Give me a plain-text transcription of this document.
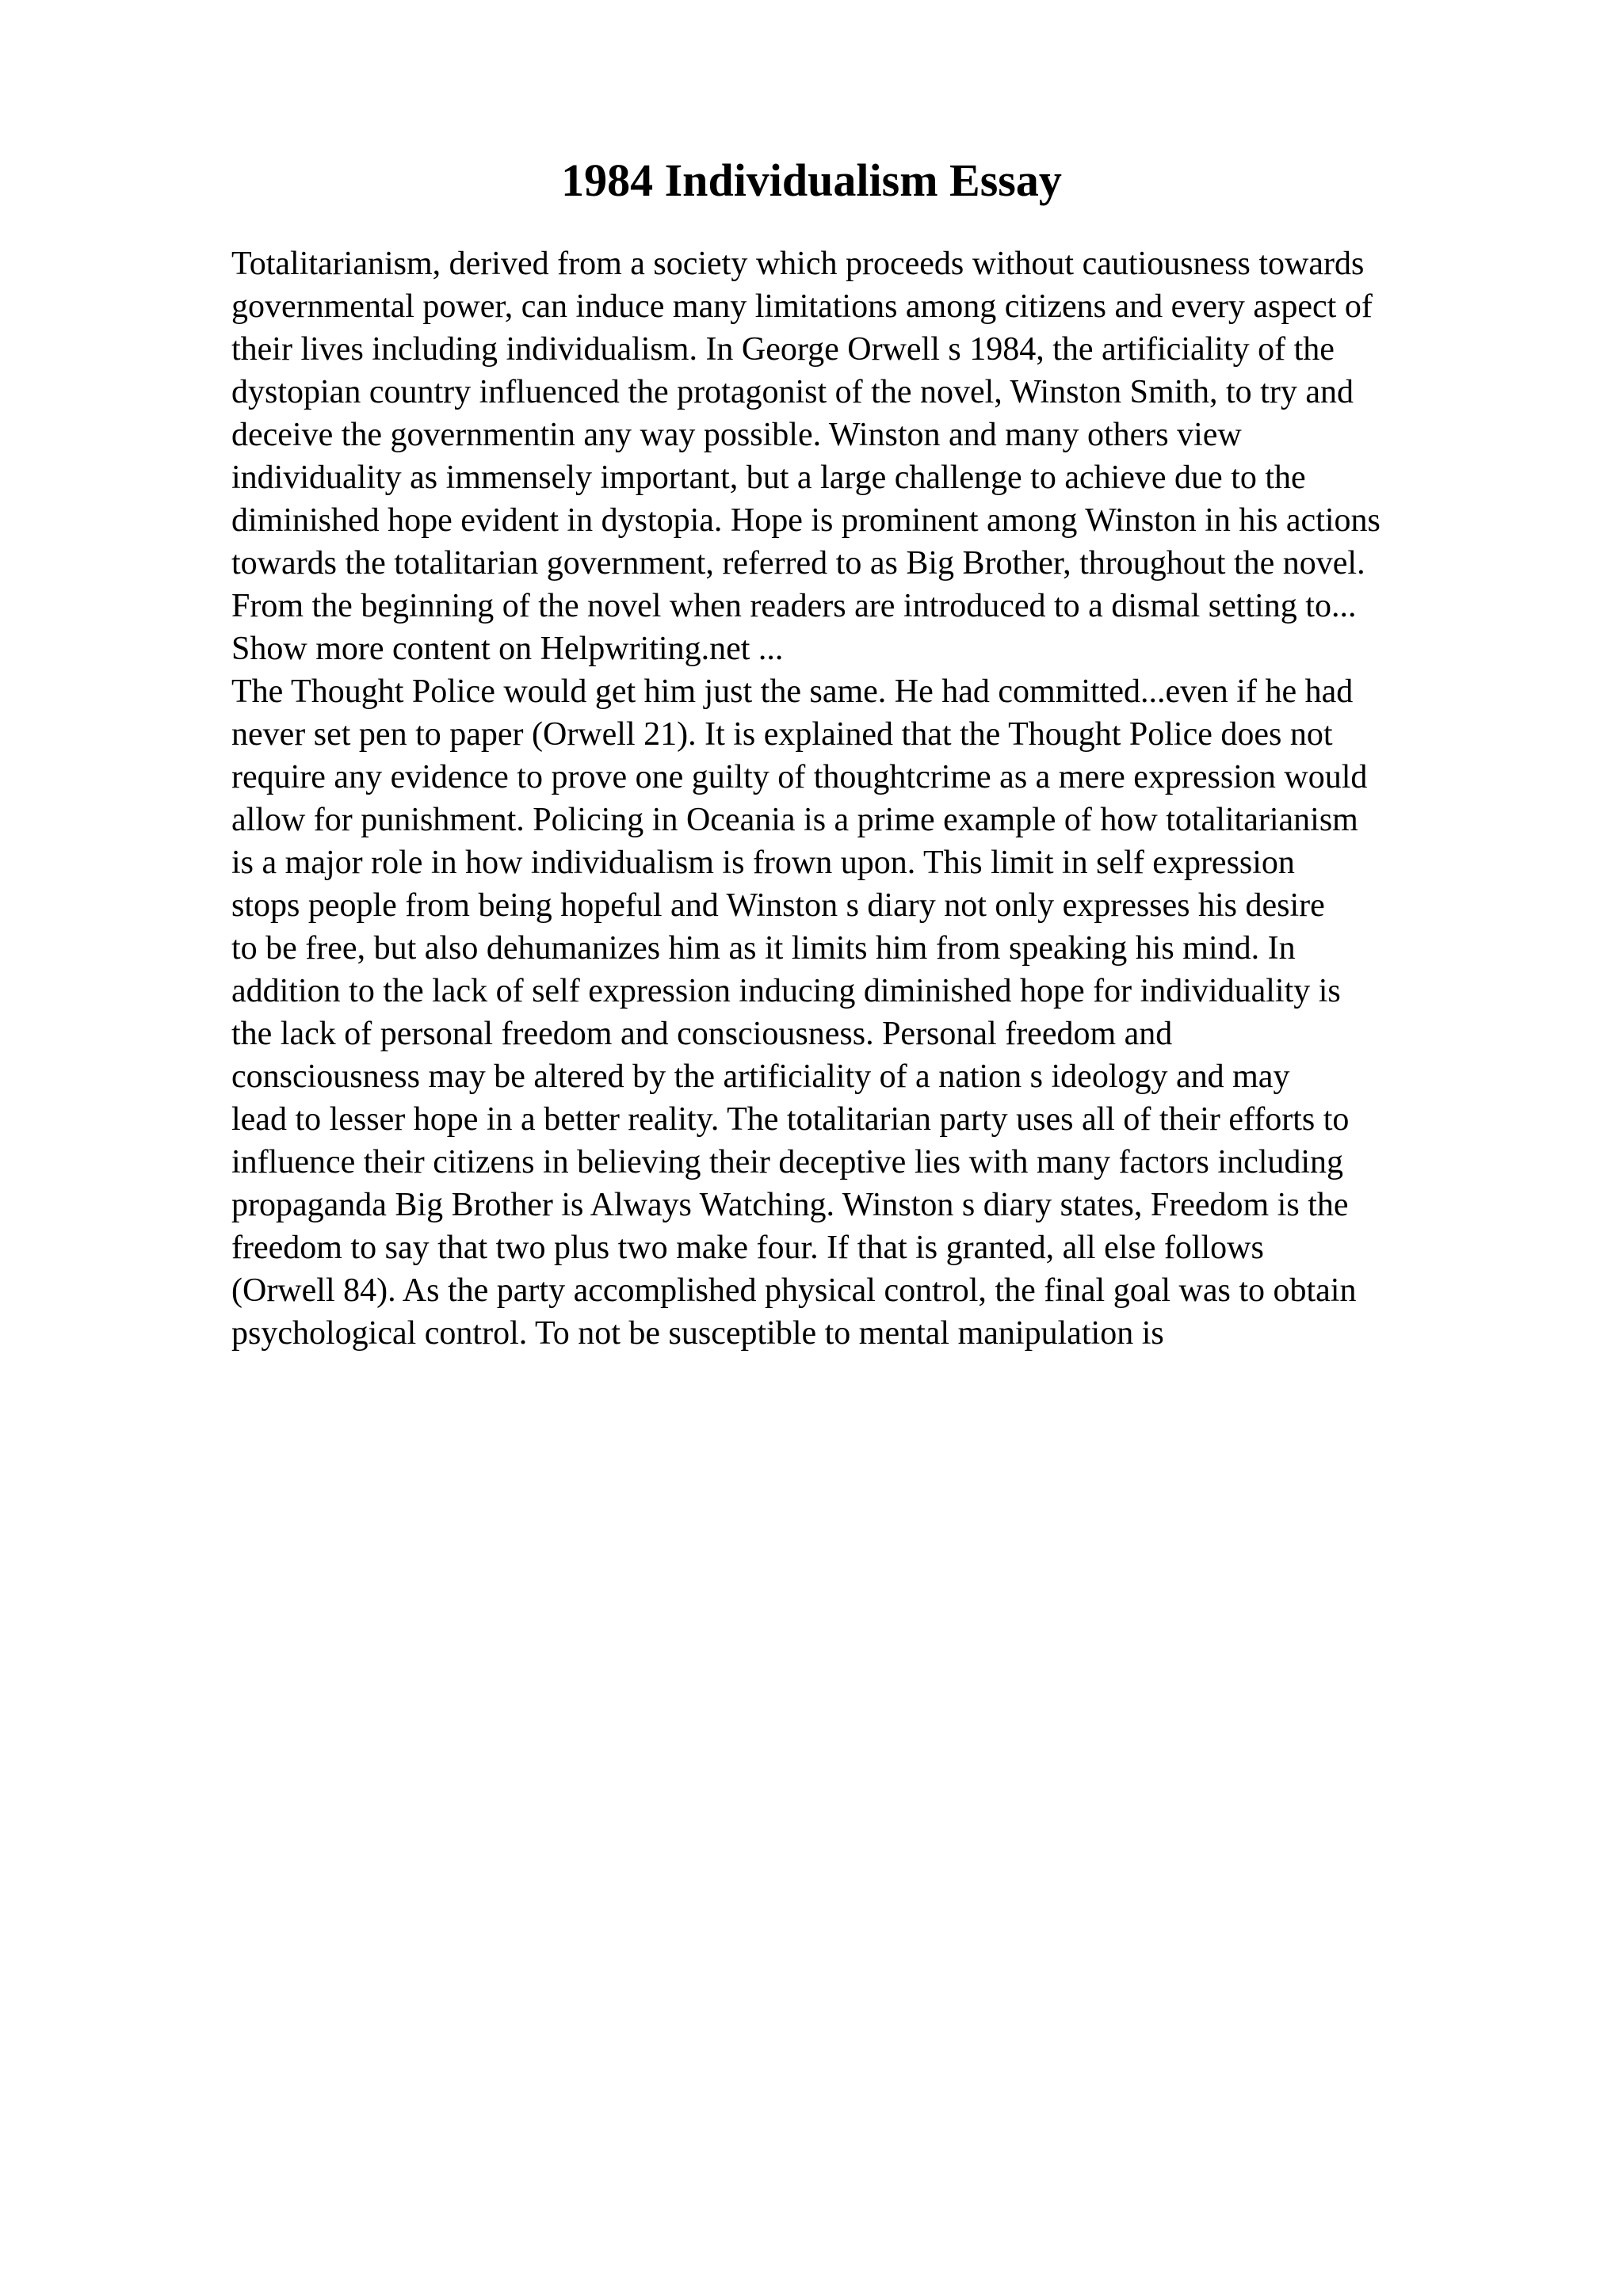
1984 Individualism Essay
Totalitarianism, derived from a society which proceeds without cautiousness towards
governmental power, can induce many limitations among citizens and every aspect of
their lives including individualism. In George Orwell s 1984, the artificiality of the
dystopian country influenced the protagonist of the novel, Winston Smith, to try and
deceive the governmentin any way possible. Winston and many others view
individuality as immensely important, but a large challenge to achieve due to the
diminished hope evident in dystopia. Hope is prominent among Winston in his actions
towards the totalitarian government, referred to as Big Brother, throughout the novel.
From the beginning of the novel when readers are introduced to a dismal setting to...
Show more content on Helpwriting.net ...
The Thought Police would get him just the same. He had committed...even if he had
never set pen to paper (Orwell 21). It is explained that the Thought Police does not
require any evidence to prove one guilty of thoughtcrime as a mere expression would
allow for punishment. Policing in Oceania is a prime example of how totalitarianism
is a major role in how individualism is frown upon. This limit in self expression
stops people from being hopeful and Winston s diary not only expresses his desire
to be free, but also dehumanizes him as it limits him from speaking his mind. In
addition to the lack of self expression inducing diminished hope for individuality is
the lack of personal freedom and consciousness. Personal freedom and
consciousness may be altered by the artificiality of a nation s ideology and may
lead to lesser hope in a better reality. The totalitarian party uses all of their efforts to
influence their citizens in believing their deceptive lies with many factors including
propaganda Big Brother is Always Watching. Winston s diary states, Freedom is the
freedom to say that two plus two make four. If that is granted, all else follows
(Orwell 84). As the party accomplished physical control, the final goal was to obtain
psychological control. To not be susceptible to mental manipulation is
